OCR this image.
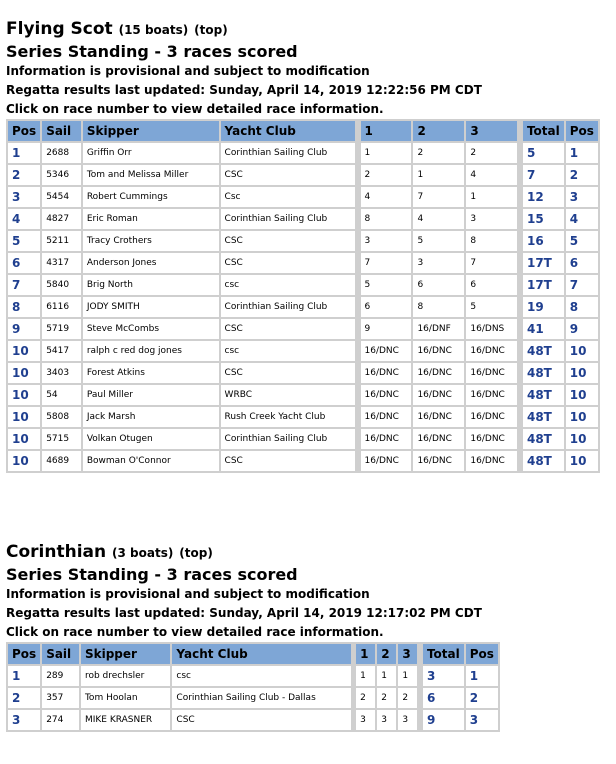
Flying Scot (15 boats) (top)
Series Standing - 3 races scored
Information is provisional and subject to modification
Regatta results last updated: Sunday, April 14, 2019 12:22:56 PM CDT
Click on race number to view detailed race information.
Pos	Sail	Skipper	Yacht Club		1	2	3		Total	Pos
1	2688	Griffin Orr	Corinthian Sailing Club		1	2	2		5	1
2	5346	Tom and Melissa Miller	CSC		2	1	4		7	2
3	5454	Robert Cummings	Csc		4	7	1		12	3
4	4827	Eric Roman	Corinthian Sailing Club		8	4	3		15	4
5	5211	Tracy Crothers	CSC		3	5	8		16	5
6	4317	Anderson Jones	CSC		7	3	7		17T	6
7	5840	Brig North	csc		5	6	6		17T	7
8	6116	JODY SMITH	Corinthian Sailing Club		6	8	5		19	8
9	5719	Steve McCombs	CSC		9	16/DNF	16/DNS		41	9
10	5417	ralph c red dog jones	csc		16/DNC	16/DNC	16/DNC		48T	10
10	3403	Forest Atkins	CSC		16/DNC	16/DNC	16/DNC		48T	10
10	54	Paul Miller	WRBC		16/DNC	16/DNC	16/DNC		48T	10
10	5808	Jack Marsh	Rush Creek Yacht Club		16/DNC	16/DNC	16/DNC		48T	10
10	5715	Volkan Otugen	Corinthian Sailing Club		16/DNC	16/DNC	16/DNC		48T	10
10	4689	Bowman O'Connor	CSC		16/DNC	16/DNC	16/DNC		48T	10
Corinthian (3 boats) (top)
Series Standing - 3 races scored
Information is provisional and subject to modification
Regatta results last updated: Sunday, April 14, 2019 12:17:02 PM CDT
Click on race number to view detailed race information.
Pos	Sail	Skipper	Yacht Club		1	2	3		Total	Pos
1	289	rob drechsler	csc		1	1	1		3	1
2	357	Tom Hoolan	Corinthian Sailing Club - Dallas		2	2	2		6	2
3	274	MIKE KRASNER	CSC		3	3	3		9	3
